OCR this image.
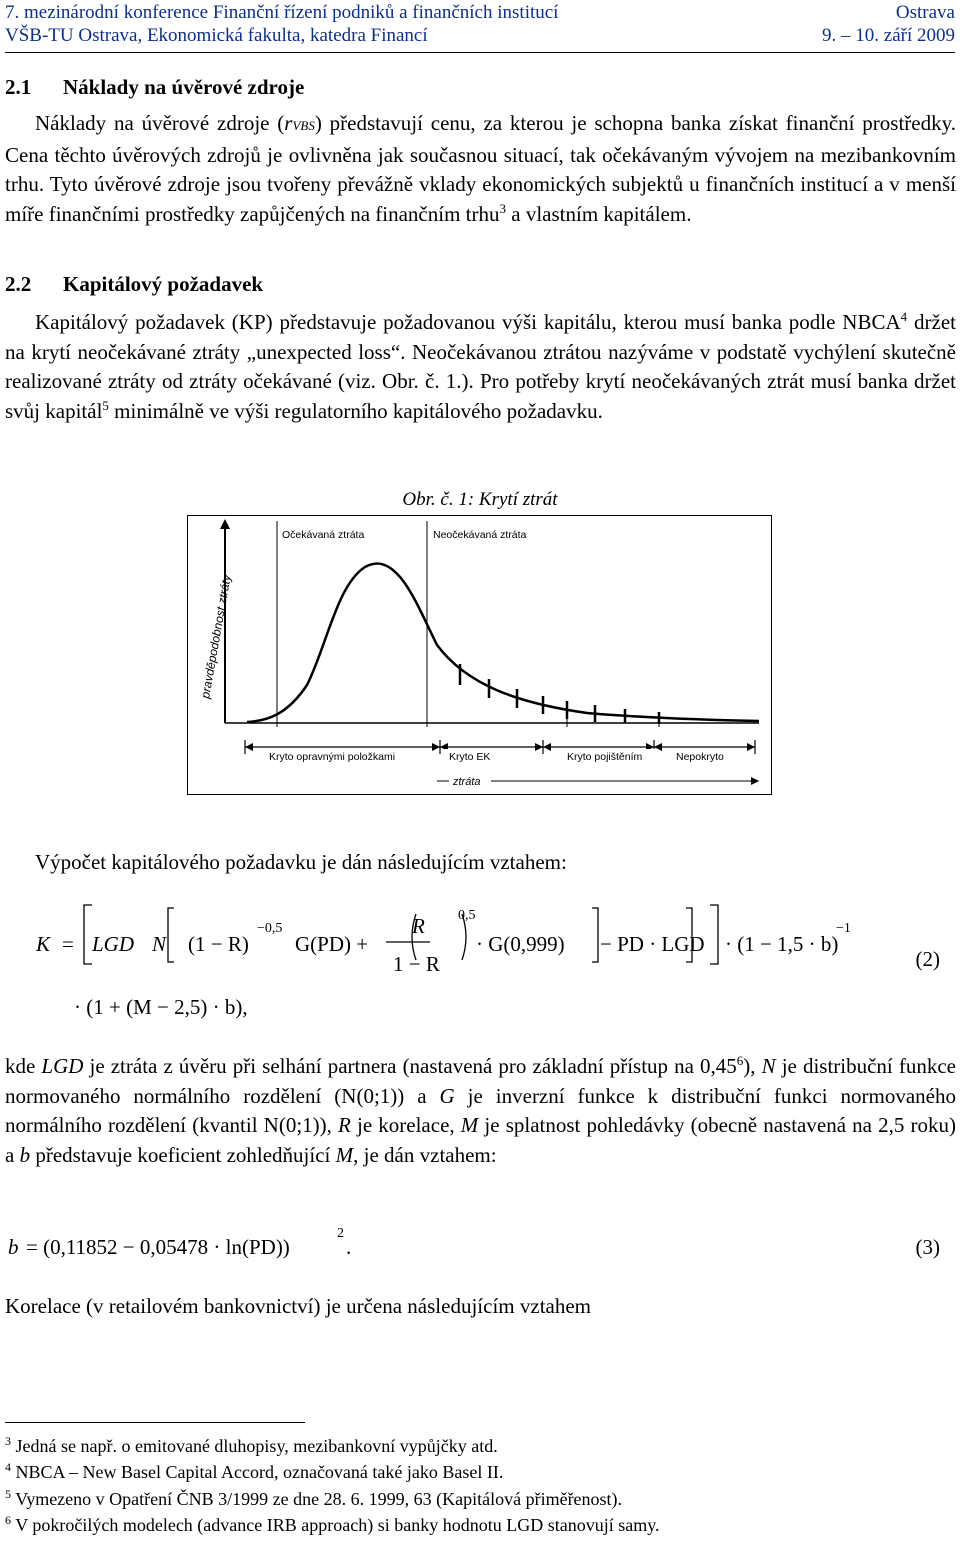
7. mezinárodní konference Finanční řízení podniků a finančních institucí	Ostrava
VŠB-TU Ostrava, Ekonomická fakulta, katedra Financí	9. – 10. září 2009
2.1 Náklady na úvěrové zdroje
Náklady na úvěrové zdroje (rVBS) představují cenu, za kterou je schopna banka získat finanční prostředky. Cena těchto úvěrových zdrojů je ovlivněna jak současnou situací, tak očekávaným vývojem na mezibankovním trhu. Tyto úvěrové zdroje jsou tvořeny převážně vklady ekonomických subjektů u finančních institucí a v menší míře finančními prostředky zapůjčených na finančním trhu$^3$ a vlastním kapitálem.
2.2 Kapitálový požadavek
Kapitálový požadavek (KP) představuje požadovanou výši kapitálu, kterou musí banka podle NBCA$^4$ držet na krytí neočekávané ztráty „unexpected loss“. Neočekávanou ztrátou nazýváme v podstatě vychýlení skutečně realizované ztráty od ztráty očekávané (viz. Obr. č. 1.). Pro potřeby krytí neočekávaných ztrát musí banka držet svůj kapitál$^5$ minimálně ve výši regulatorního kapitálového požadavku.
Obr. č. 1: Krytí ztrát
pravděpodobnost ztráty
Očekávaná ztráta	Neočekávaná ztráta
Kryto opravnými položkami	Kryto EK	Kryto pojištěním	Nepokryto
ztráta
Výpočet kapitálového požadavku je dán následujícím vztahem:
K = LGD N (1 − R)
−0,5
G(PD) +
R
1 − R
0,5
· G(0,999) − PD · LGD · (1 − 1,5 · b)
−1
(2)
· (1 + (M − 2,5) · b),
kde LGD je ztráta z úvěru při selhání partnera (nastavená pro základní přístup na 0,45$^6$), N je distribuční funkce normovaného normálního rozdělení (N(0;1)) a G je inverzní funkce k distribuční funkci normovaného normálního rozdělení (kvantil N(0;1)), R je korelace, M je splatnost pohledávky (obecně nastavená na 2,5 roku) a b představuje koeficient zohledňující M, je dán vztahem:
b = (0,11852 − 0,05478 · ln(PD))
2
.	(3)
Korelace (v retailovém bankovnictví) je určena následujícím vztahem
$^3$ Jedná se např. o emitované dluhopisy, mezibankovní vypůjčky atd.
$^4$ NBCA – New Basel Capital Accord, označovaná také jako Basel II.
$^5$ Vymezeno v Opatření ČNB 3/1999 ze dne 28. 6. 1999, 63 (Kapitálová přiměřenost).
$^6$ V pokročilých modelech (advance IRB approach) si banky hodnotu LGD stanovují samy.
